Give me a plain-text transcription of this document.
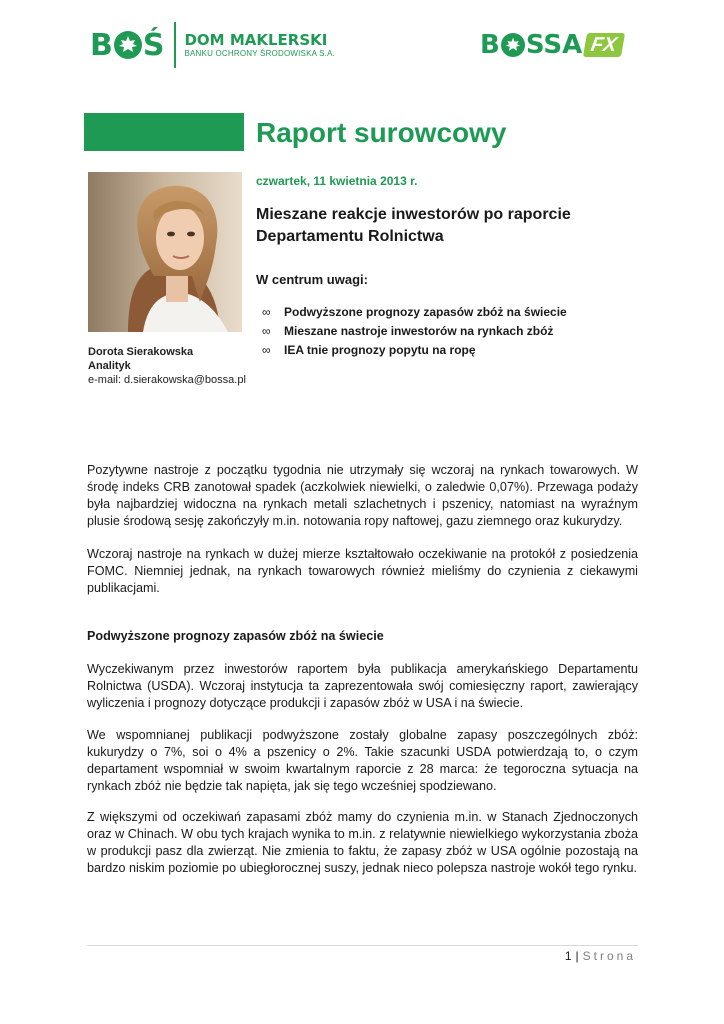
B Ś DOM MAKLERSKI
BANKU OCHRONY ŚRODOWISKA S.A.	B SSA FX
Raport surowcowy
Dorota Sierakowska
Analityk
e-mail: d.sierakowska@bossa.pl
czwartek, 11 kwietnia 2013 r.
Mieszane reakcje inwestorów po raporcie Departamentu Rolnictwa
W centrum uwagi:
∞	Podwyższone prognozy zapasów zbóż na świecie
∞	Mieszane nastroje inwestorów na rynkach zbóż
∞	IEA tnie prognozy popytu na ropę

Pozytywne nastroje z początku tygodnia nie utrzymały się wczoraj na rynkach towarowych. W środę indeks CRB zanotował spadek (aczkolwiek niewielki, o zaledwie 0,07%). Przewaga podaży była najbardziej widoczna na rynkach metali szlachetnych i pszenicy, natomiast na wyraźnym plusie środową sesję zakończyły m.in. notowania ropy naftowej, gazu ziemnego oraz kukurydzy.

Wczoraj nastroje na rynkach w dużej mierze kształtowało oczekiwanie na protokół z posiedzenia FOMC. Niemniej jednak, na rynkach towarowych również mieliśmy do czynienia z ciekawymi publikacjami.

Podwyższone prognozy zapasów zbóż na świecie

Wyczekiwanym przez inwestorów raportem była publikacja amerykańskiego Departamentu Rolnictwa (USDA). Wczoraj instytucja ta zaprezentowała swój comiesięczny raport, zawierający wyliczenia i prognozy dotyczące produkcji i zapasów zbóż w USA i na świecie.

We wspomnianej publikacji podwyższone zostały globalne zapasy poszczególnych zbóż: kukurydzy o 7%, soi o 4% a pszenicy o 2%. Takie szacunki USDA potwierdzają to, o czym departament wspomniał w swoim kwartalnym raporcie z 28 marca: że tegoroczna sytuacja na rynkach zbóż nie będzie tak napięta, jak się tego wcześniej spodziewano.

Z większymi od oczekiwań zapasami zbóż mamy do czynienia m.in. w Stanach Zjednoczonych oraz w Chinach. W obu tych krajach wynika to m.in. z relatywnie niewielkiego wykorzystania zboża w produkcji pasz dla zwierząt. Nie zmienia to faktu, że zapasy zbóż w USA ogólnie pozostają na bardzo niskim poziomie po ubiegłorocznej suszy, jednak nieco polepsza nastroje wokół tego rynku.

1 | Strona
